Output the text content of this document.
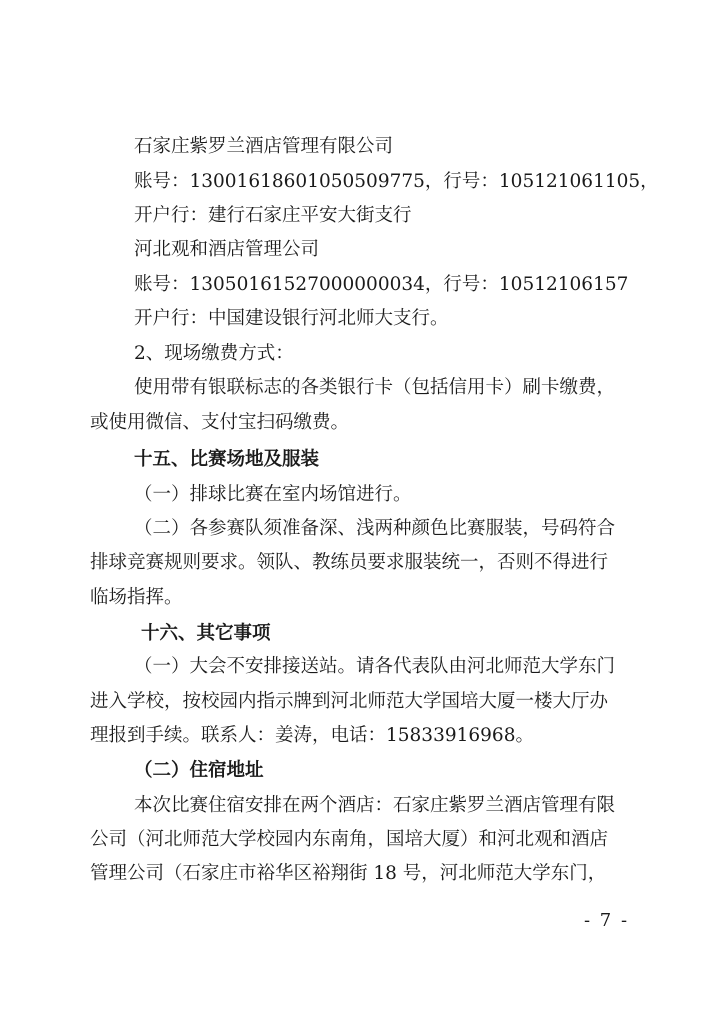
石家庄紫罗兰酒店管理有限公司
账号：13001618601050509775，行号：105121061105，
开户行：建行石家庄平安大街支行
河北观和酒店管理公司
账号：13050161527000000034，行号：10512106157
开户行：中国建设银行河北师大支行。
2、现场缴费方式：
使用带有银联标志的各类银行卡（包括信用卡）刷卡缴费，
或使用微信、支付宝扫码缴费。
十五、比赛场地及服装
（一）排球比赛在室内场馆进行。
（二）各参赛队须准备深、浅两种颜色比赛服装，号码符合
排球竞赛规则要求。领队、教练员要求服装统一，否则不得进行
临场指挥。
十六、其它事项
（一）大会不安排接送站。请各代表队由河北师范大学东门
进入学校，按校园内指示牌到河北师范大学国培大厦一楼大厅办
理报到手续。联系人：姜涛，电话：15833916968。
（二）住宿地址
本次比赛住宿安排在两个酒店：石家庄紫罗兰酒店管理有限
公司（河北师范大学校园内东南角，国培大厦）和河北观和酒店
管理公司（石家庄市裕华区裕翔街 18 号，河北师范大学东门，
- 7 -
